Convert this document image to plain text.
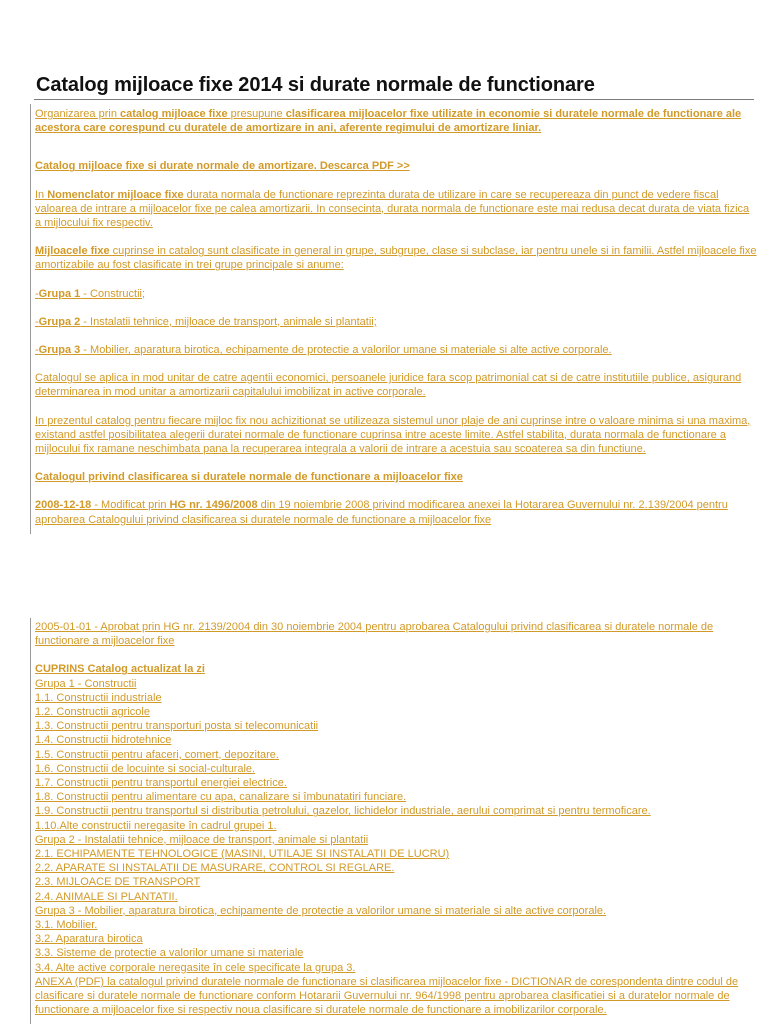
Catalog mijloace fixe 2014 si durate normale de functionare

Organizarea prin catalog mijloace fixe presupune clasificarea mijloacelor fixe utilizate in economie si duratele normale de functionare ale acestora care corespund cu duratele de amortizare in ani, aferente regimului de amortizare liniar.

Catalog mijloace fixe si durate normale de amortizare. Descarca PDF >>

In Nomenclator mijloace fixe durata normala de functionare reprezinta durata de utilizare in care se recupereaza din punct de vedere fiscal valoarea de intrare a mijloacelor fixe pe calea amortizarii. In consecinta, durata normala de functionare este mai redusa decat durata de viata fizica a mijlocului fix respectiv.

Mijloacele fixe cuprinse in catalog sunt clasificate in general in grupe, subgrupe, clase si subclase, iar pentru unele si in familii. Astfel mijloacele fixe amortizabile au fost clasificate in trei grupe principale si anume:

-Grupa 1 - Constructii;

-Grupa 2 - Instalatii tehnice, mijloace de transport, animale si plantatii;

-Grupa 3 - Mobilier, aparatura birotica, echipamente de protectie a valorilor umane si materiale si alte active corporale.

Catalogul se aplica in mod unitar de catre agentii economici, persoanele juridice fara scop patrimonial cat si de catre institutiile publice, asigurand determinarea in mod unitar a amortizarii capitalului imobilizat in active corporale.

In prezentul catalog pentru fiecare mijloc fix nou achizitionat se utilizeaza sistemul unor plaje de ani cuprinse intre o valoare minima si una maxima, existand astfel posibilitatea alegerii duratei normale de functionare cuprinsa intre aceste limite. Astfel stabilita, durata normala de functionare a mijlocului fix ramane neschimbata pana la recuperarea integrala a valorii de intrare a acestuia sau scoaterea sa din functiune.

Catalogul privind clasificarea si duratele normale de functionare a mijloacelor fixe

2008-12-18 - Modificat prin HG nr. 1496/2008 din 19 noiembrie 2008 privind modificarea anexei la Hotararea Guvernului nr. 2.139/2004 pentru aprobarea Catalogului privind clasificarea si duratele normale de functionare a mijloacelor fixe

2005-01-01 - Aprobat prin HG nr. 2139/2004 din 30 noiembrie 2004 pentru aprobarea Catalogului privind clasificarea si duratele normale de functionare a mijloacelor fixe

CUPRINS Catalog actualizat la zi

Grupa 1 - Constructii
1.1. Constructii industriale
1.2. Constructii agricole
1.3. Constructii pentru transporturi posta si telecomunicatii
1.4. Constructii hidrotehnice
1.5. Constructii pentru afaceri, comert, depozitare.
1.6. Constructii de locuinte si social-culturale.
1.7. Constructii pentru transportul energiei electrice.
1.8. Constructii pentru alimentare cu apa, canalizare si îmbunatatiri funciare.
1.9. Constructii pentru transportul si distributia petrolului, gazelor, lichidelor industriale, aerului comprimat si pentru termoficare.
1.10.Alte constructii neregasite în cadrul grupei 1.
Grupa 2 - Instalatii tehnice, mijloace de transport, animale si plantatii
2.1. ECHIPAMENTE TEHNOLOGICE (MASINI, UTILAJE SI INSTALATII DE LUCRU)
2.2. APARATE SI INSTALATII DE MASURARE, CONTROL SI REGLARE.
2.3. MIJLOACE DE TRANSPORT
2.4. ANIMALE SI PLANTATII.
Grupa 3 - Mobilier, aparatura birotica, echipamente de protectie a valorilor umane si materiale si alte active corporale.
3.1. Mobilier.
3.2. Aparatura birotica
3.3. Sisteme de protectie a valorilor umane si materiale
3.4. Alte active corporale neregasite în cele specificate la grupa 3.
ANEXA (PDF) la catalogul privind duratele normale de functionare si clasificarea mijloacelor fixe - DICTIONAR de corespondenta dintre codul de clasificare si duratele normale de functionare conform Hotararii Guvernului nr. 964/1998 pentru aprobarea clasificatiei si a duratelor normale de functionare a mijloacelor fixe si respectiv noua clasificare si duratele normale de functionare a imobilizarilor corporale.
